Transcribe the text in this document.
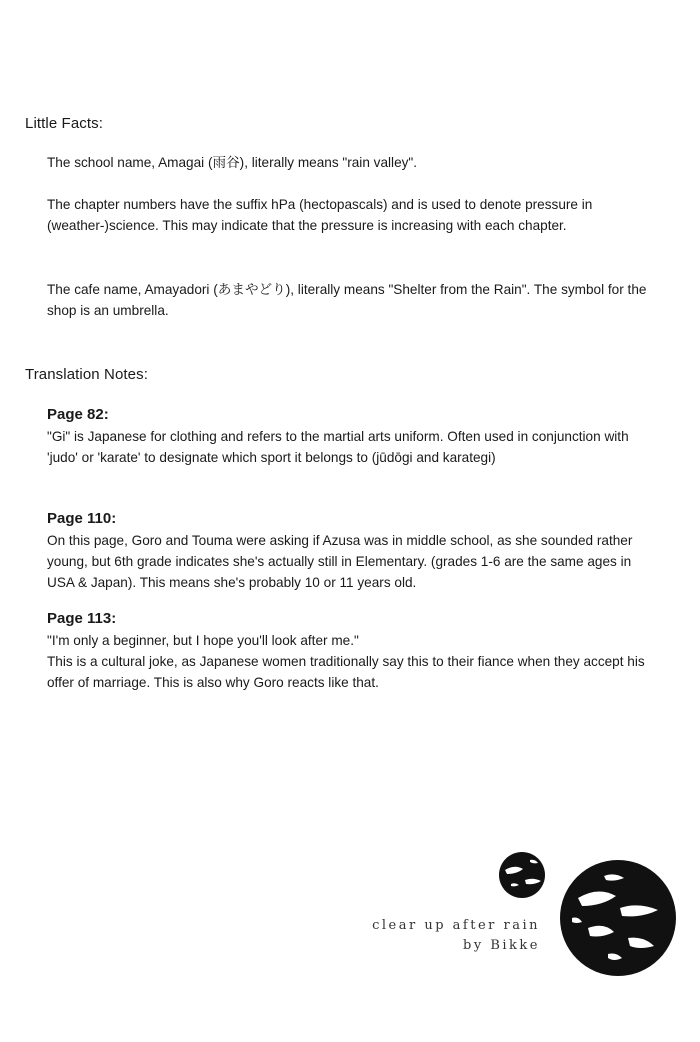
Little Facts:

The school name, Amagai (雨谷), literally means "rain valley".

The chapter numbers have the suffix hPa (hectopascals) and is used to denote pressure in (weather-)science. This may indicate that the pressure is increasing with each chapter.

The cafe name, Amayadori (あまやどり), literally means "Shelter from the Rain". The symbol for the shop is an umbrella.

Translation Notes:
Page 82:

"Gi" is Japanese for clothing and refers to the martial arts uniform. Often used in conjunction with 'judo' or 'karate' to designate which sport it belongs to (jūdōgi and karategi)

Page 110:

On this page, Goro and Touma were asking if Azusa was in middle school, as she sounded rather young, but 6th grade indicates she's actually still in Elementary. (grades 1-6 are the same ages in USA & Japan). This means she's probably 10 or 11 years old.

Page 113:

"I'm only a beginner, but I hope you'll look after me."

This is a cultural joke, as Japanese women traditionally say this to their fiance when they accept his offer of marriage. This is also why Goro reacts like that.

clear up after rain
by Bikke
